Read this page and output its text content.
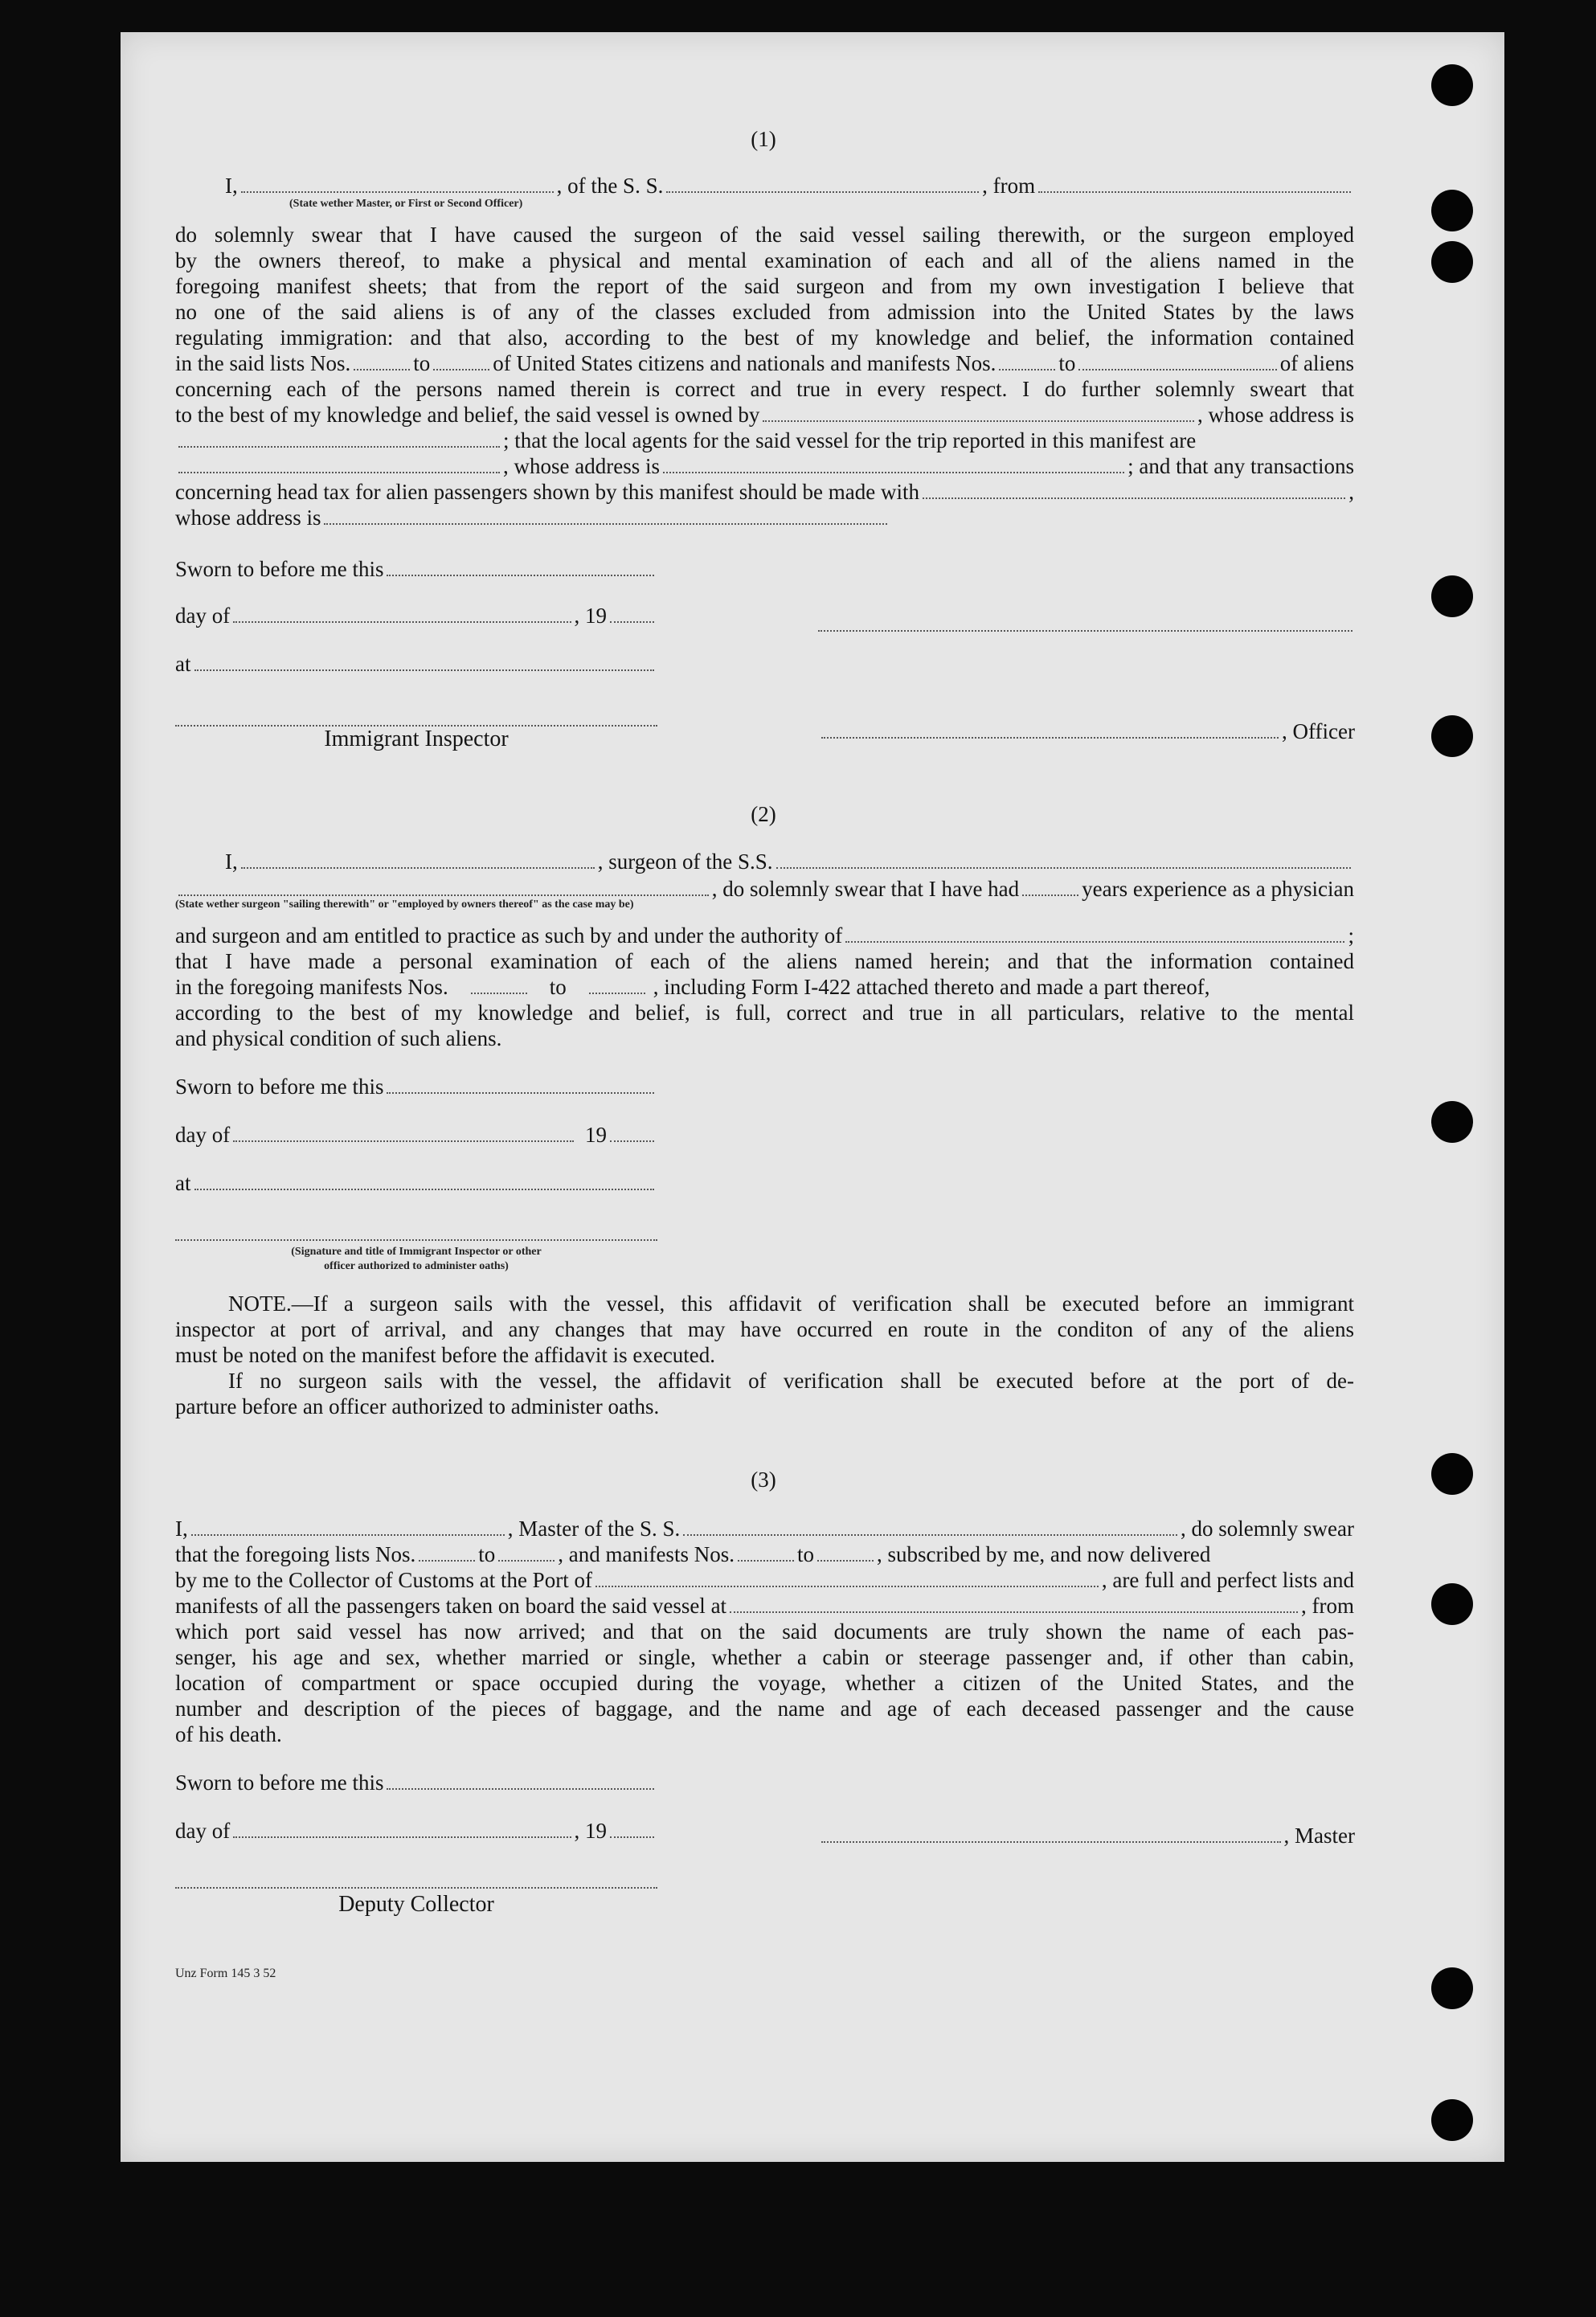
(1)
I,	, of the S. S.	, from
(State wether Master, or First or Second Officer)
do solemnly swear that I have caused the surgeon of the said vessel sailing therewith, or the surgeon employed
by the owners thereof, to make a physical and mental examination of each and all of the aliens named in the
foregoing manifest sheets; that from the report of the said surgeon and from my own investigation I believe that
no one of the said aliens is of any of the classes excluded from admission into the United States by the laws
regulating immigration: and that also, according to the best of my knowledge and belief, the information contained
in the said lists Nos.	to	of United States citizens and nationals and manifests Nos.	to	of aliens
concerning each of the persons named therein is correct and true in every respect. I do further solemnly sweart that
to the best of my knowledge and belief, the said vessel is owned by	, whose address is
; that the local agents for the said vessel for the trip reported in this manifest are
, whose address is	; and that any transactions
concerning head tax for alien passengers shown by this manifest should be made with	,
whose address is
Sworn to before me this
day of	, 19
at
Immigrant Inspector	, Officer
(2)
I,	, surgeon of the S.S.
, do solemnly swear that I have had	years experience as a physician
(State wether surgeon "sailing therewith" or "employed by owners thereof" as the case may be)
and surgeon and am entitled to practice as such by and under the authority of	;
that I have made a personal examination of each of the aliens named herein; and that the information contained
in the foregoing manifests Nos.	to	, including Form I-422 attached thereto and made a part thereof,
according to the best of my knowledge and belief, is full, correct and true in all particulars, relative to the mental
and physical condition of such aliens.
Sworn to before me this
day of	19
at
(Signature and title of Immigrant Inspector or other
officer authorized to administer oaths)
NOTE.—If a surgeon sails with the vessel, this affidavit of verification shall be executed before an immigrant
inspector at port of arrival, and any changes that may have occurred en route in the conditon of any of the aliens
must be noted on the manifest before the affidavit is executed.
If no surgeon sails with the vessel, the affidavit of verification shall be executed before at the port of de-
parture before an officer authorized to administer oaths.
(3)
I,	, Master of the S. S.	, do solemnly swear
that the foregoing lists Nos.	to	, and manifests Nos.	to	, subscribed by me, and now delivered
by me to the Collector of Customs at the Port of	, are full and perfect lists and
manifests of all the passengers taken on board the said vessel at	, from
which port said vessel has now arrived; and that on the said documents are truly shown the name of each pas-
senger, his age and sex, whether married or single, whether a cabin or steerage passenger and, if other than cabin,
location of compartment or space occupied during the voyage, whether a citizen of the United States, and the
number and description of the pieces of baggage, and the name and age of each deceased passenger and the cause
of his death.
Sworn to before me this
day of	, 19	, Master
Deputy Collector
Unz Form 145 3 52
